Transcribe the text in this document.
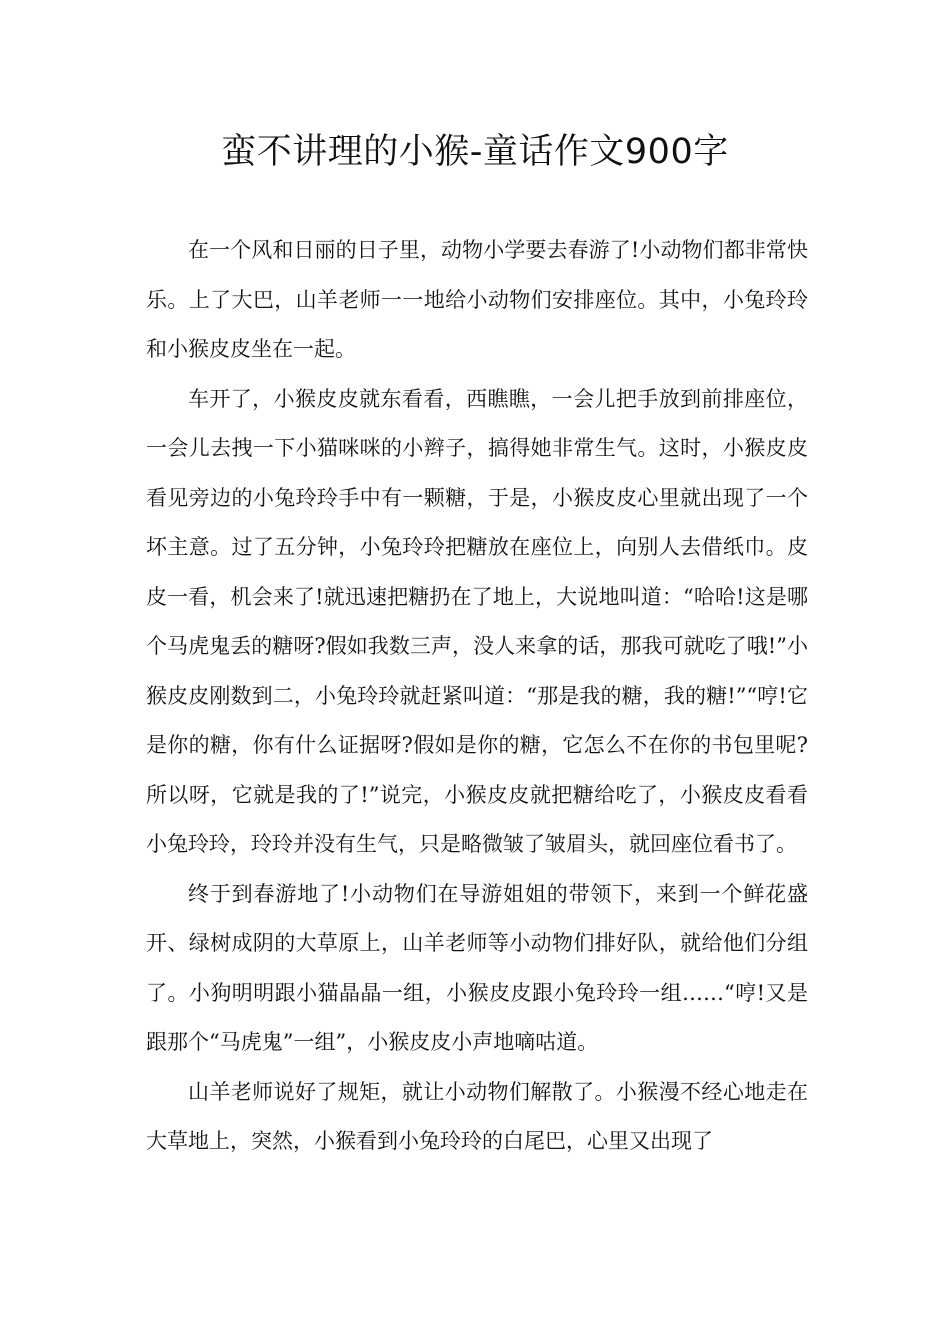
蛮不讲理的小猴-童话作文900字

在一个风和日丽的日子里，动物小学要去春游了!小动物们都非常快乐。上了大巴，山羊老师一一地给小动物们安排座位。其中，小兔玲玲和小猴皮皮坐在一起。

车开了，小猴皮皮就东看看，西瞧瞧，一会儿把手放到前排座位，一会儿去拽一下小猫咪咪的小辫子，搞得她非常生气。这时，小猴皮皮看见旁边的小兔玲玲手中有一颗糖，于是，小猴皮皮心里就出现了一个坏主意。过了五分钟，小兔玲玲把糖放在座位上，向别人去借纸巾。皮皮一看，机会来了!就迅速把糖扔在了地上，大说地叫道：“哈哈!这是哪个马虎鬼丢的糖呀?假如我数三声，没人来拿的话，那我可就吃了哦!”小猴皮皮刚数到二，小兔玲玲就赶紧叫道：“那是我的糖，我的糖!”“哼!它是你的糖，你有什么证据呀?假如是你的糖，它怎么不在你的书包里呢?所以呀，它就是我的了!”说完，小猴皮皮就把糖给吃了，小猴皮皮看看小兔玲玲，玲玲并没有生气，只是略微皱了皱眉头，就回座位看书了。

终于到春游地了!小动物们在导游姐姐的带领下，来到一个鲜花盛开、绿树成阴的大草原上，山羊老师等小动物们排好队，就给他们分组了。小狗明明跟小猫晶晶一组，小猴皮皮跟小兔玲玲一组……“哼!又是跟那个“马虎鬼”一组”，小猴皮皮小声地嘀咕道。

山羊老师说好了规矩，就让小动物们解散了。小猴漫不经心地走在大草地上，突然，小猴看到小兔玲玲的白尾巴，心里又出现了
